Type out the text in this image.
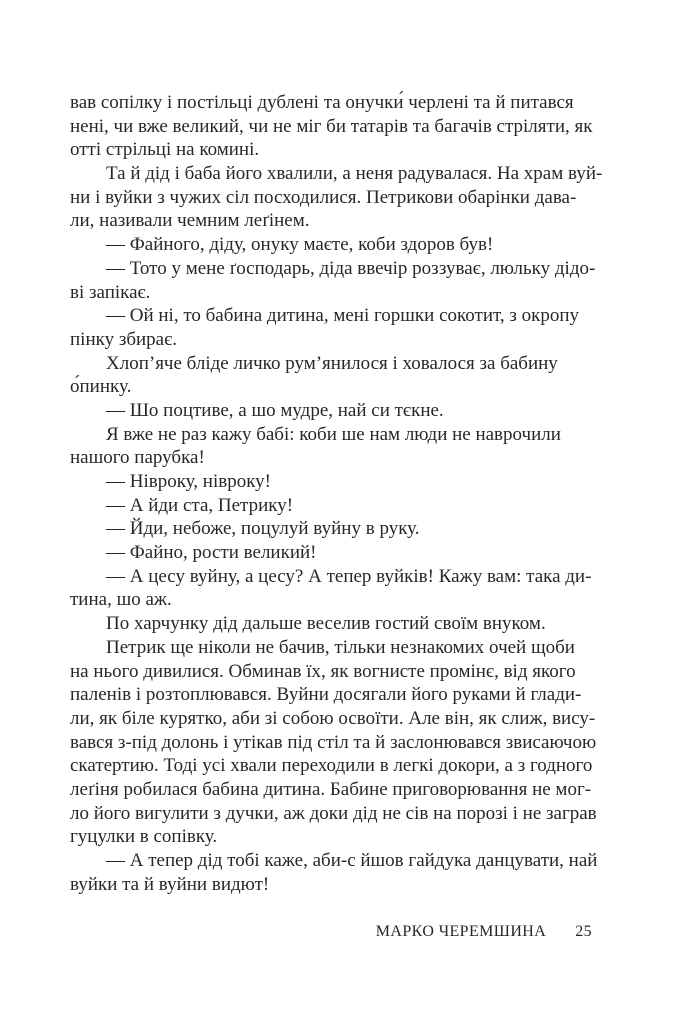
вав сопілку і постільці дублені та онучки́ черлені та й питався
нені, чи вже великий, чи не міг би татарів та багачів стріляти, як
отті стрільці на комині.
Та й дід і баба його хвалили, а неня радувалася. На храм вуй-
ни і вуйки з чужих сіл посходилися. Петрикови обарінки дава-
ли, називали чемним леґінем.
— Файного, діду, онуку маєте, коби здоров був!
— Тото у мене ґосподарь, діда ввечір роззуває, люльку дідо-
ві запікає.
— Ой ні, то бабина дитина, мені горшки сокотит, з окропу
пінку збирає.
Хлоп’яче бліде личко рум’янилося і ховалося за бабину
о́пинку.
— Шо поцтиве, а шо мудре, най си тєкне.
Я вже не раз кажу бабі: коби ше нам люди не наврочили
нашого парубка!
— Нівроку, нівроку!
— А йди ста, Петрику!
— Йди, небоже, поцулуй вуйну в руку.
— Файно, рости великий!
— А цесу вуйну, а цесу? А тепер вуйків! Кажу вам: така ди-
тина, шо аж.
По харчунку дід дальше веселив гостий своїм внуком.
Петрик ще ніколи не бачив, тільки незнакомих очей щоби
на нього дивилися. Обминав їх, як вогнисте промінє, від якого
паленів і розтоплювався. Вуйни досягали його руками й глади-
ли, як біле курятко, аби зі собою освоїти. Але він, як слиж, вису-
вався з-під долонь і утікав під стіл та й заслонювався звисаючою
скатертию. Тоді усі хвали переходили в легкі докори, а з годного
леґіня робилася бабина дитина. Бабине приговорювання не мог-
ло його вигулити з дучки, аж доки дід не сів на порозі і не заграв
гуцулки в сопівку.
— А тепер дід тобі каже, аби-с йшов гайдука данцувати, най
вуйки та й вуйни видют!
МАРКО ЧЕРЕМШИНА 25
